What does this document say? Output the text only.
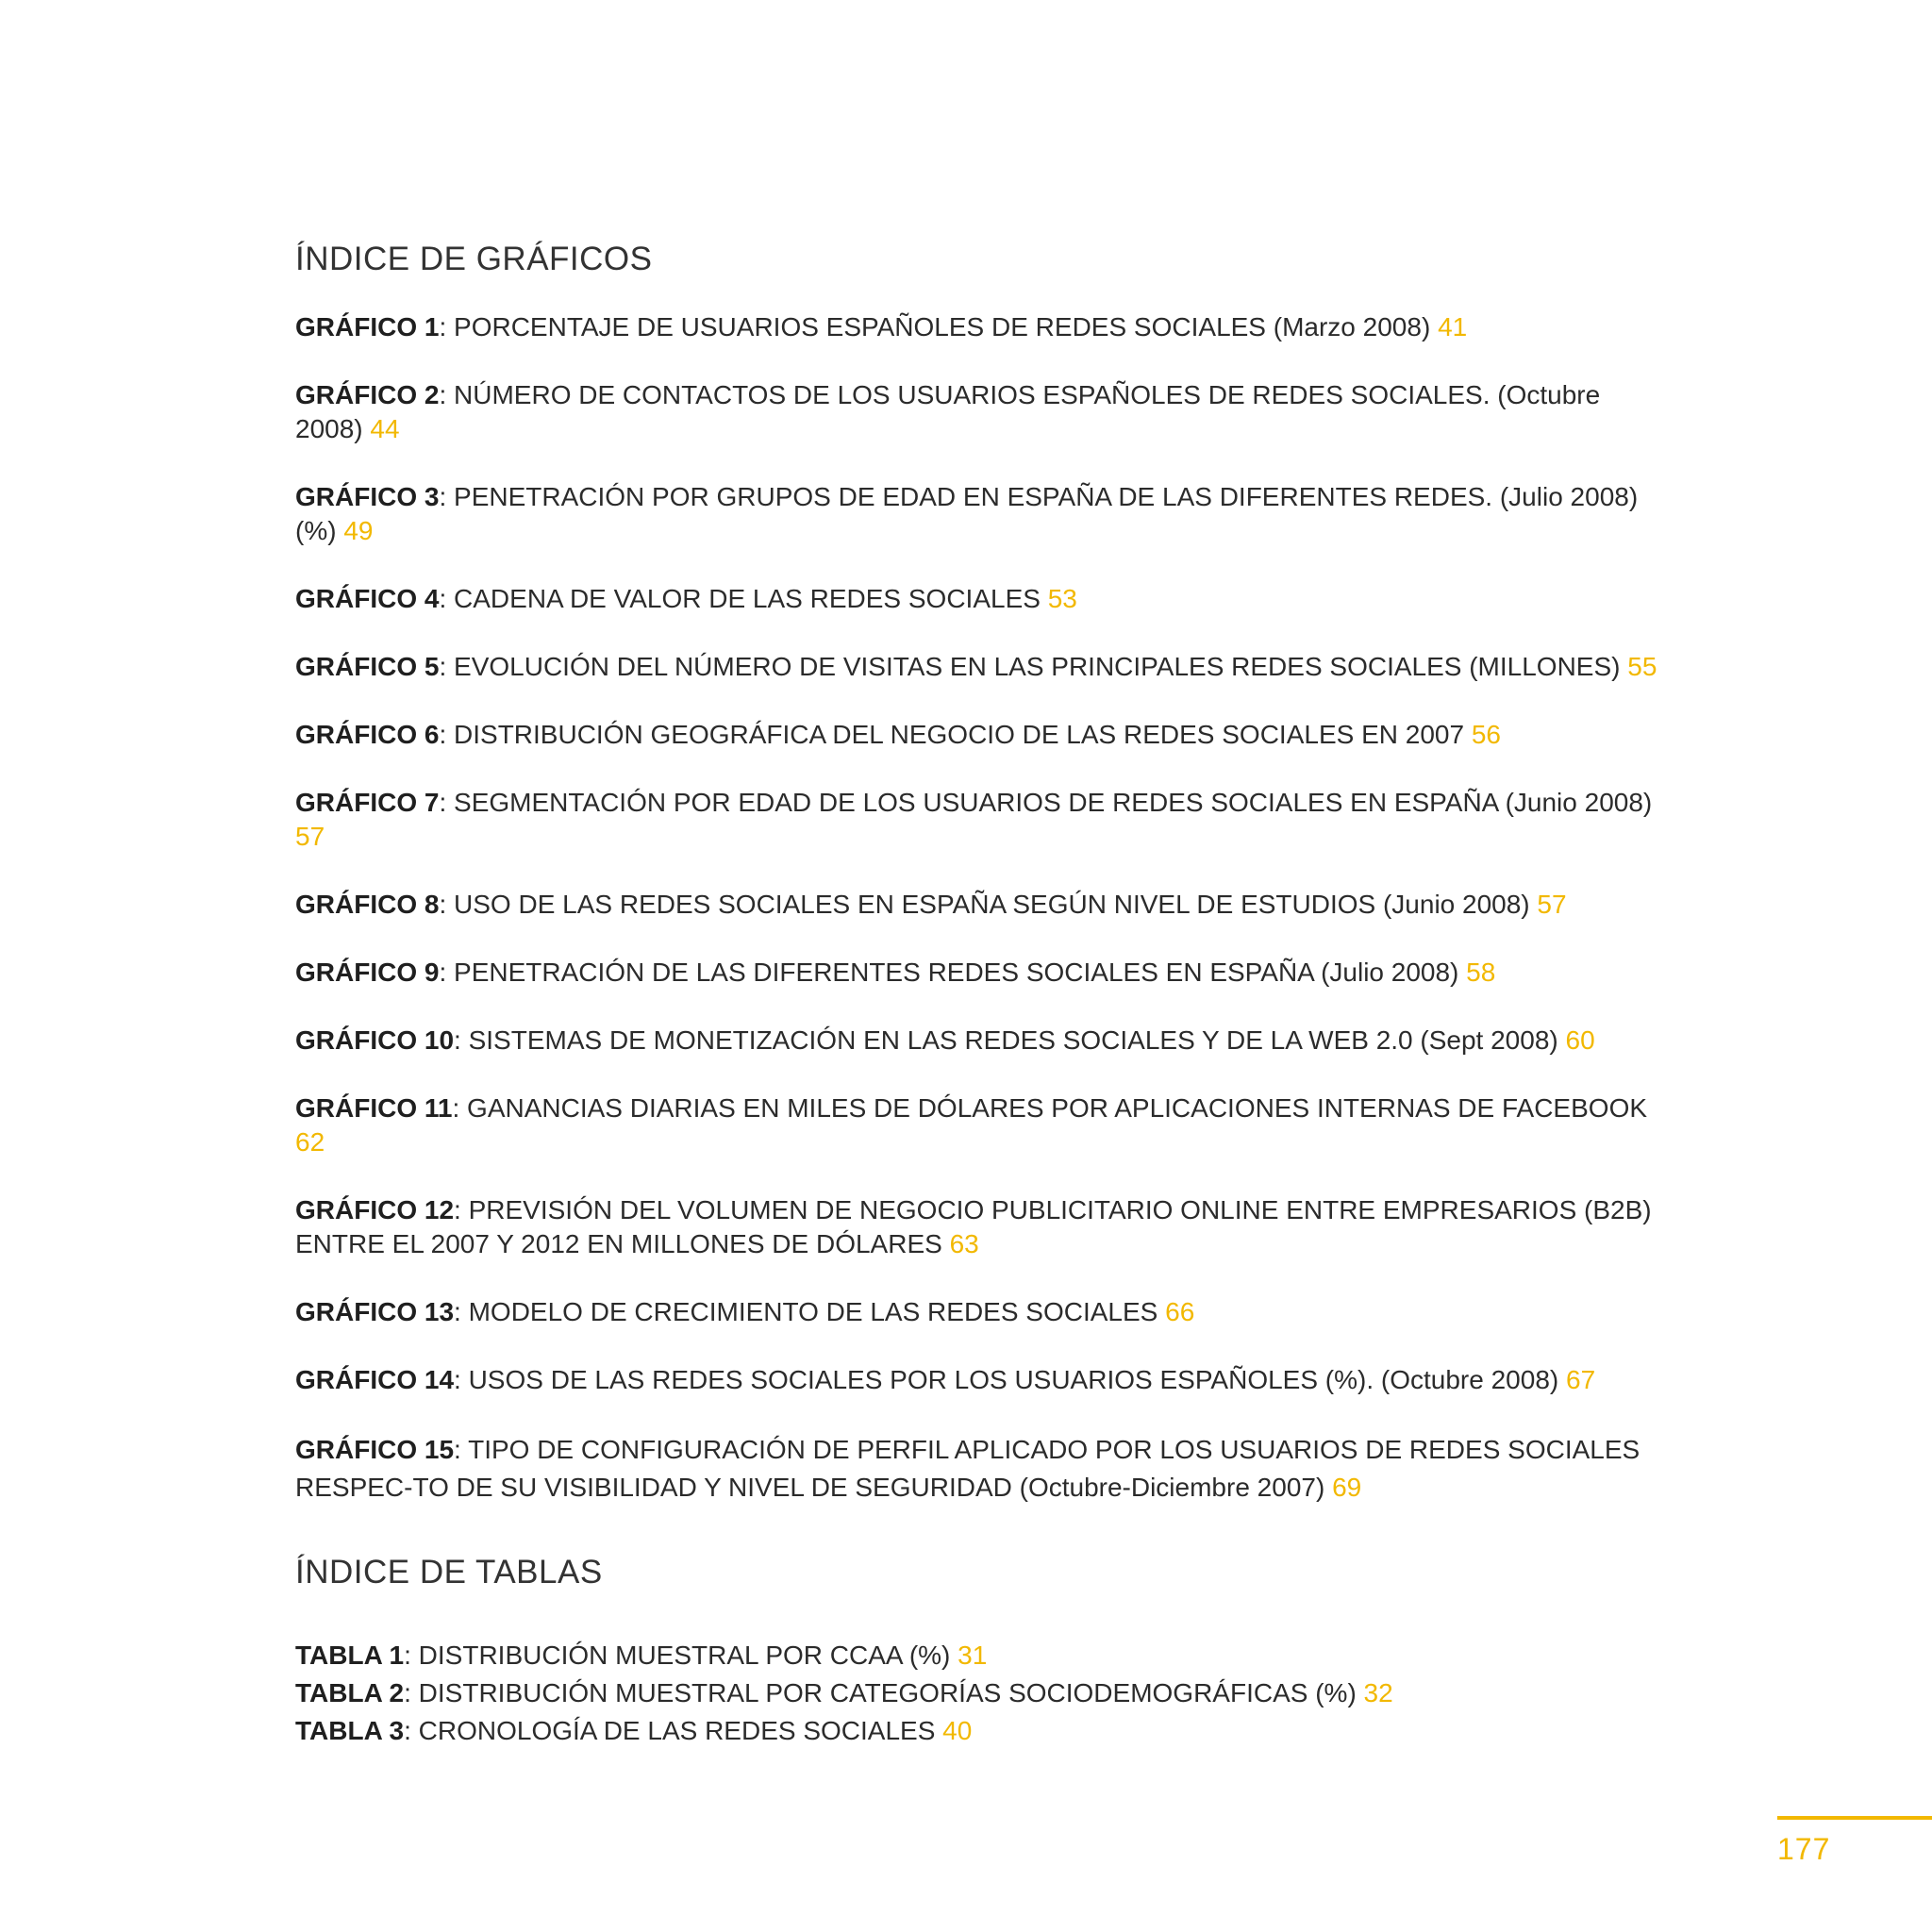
ÍNDICE DE GRÁFICOS
GRÁFICO 1: PORCENTAJE DE USUARIOS ESPAÑOLES DE REDES SOCIALES (Marzo 2008) 41
GRÁFICO 2: NÚMERO DE CONTACTOS DE LOS USUARIOS ESPAÑOLES DE REDES SOCIALES. (Octubre 2008) 44
GRÁFICO 3: PENETRACIÓN POR GRUPOS DE EDAD EN ESPAÑA DE LAS DIFERENTES REDES. (Julio 2008) (%) 49
GRÁFICO 4: CADENA DE VALOR DE LAS REDES SOCIALES 53
GRÁFICO 5: EVOLUCIÓN DEL NÚMERO DE VISITAS EN LAS PRINCIPALES REDES SOCIALES (MILLONES) 55
GRÁFICO 6: DISTRIBUCIÓN GEOGRÁFICA DEL NEGOCIO DE LAS REDES SOCIALES EN 2007 56
GRÁFICO 7: SEGMENTACIÓN POR EDAD DE LOS USUARIOS DE REDES SOCIALES EN ESPAÑA (Junio 2008) 57
GRÁFICO 8: USO DE LAS REDES SOCIALES EN ESPAÑA SEGÚN NIVEL DE ESTUDIOS (Junio 2008) 57
GRÁFICO 9: PENETRACIÓN DE LAS DIFERENTES REDES SOCIALES EN ESPAÑA (Julio 2008) 58
GRÁFICO 10: SISTEMAS DE MONETIZACIÓN EN LAS REDES SOCIALES Y DE LA WEB 2.0 (Sept 2008) 60
GRÁFICO 11: GANANCIAS DIARIAS EN MILES DE DÓLARES POR APLICACIONES INTERNAS DE FACEBOOK 62
GRÁFICO 12: PREVISIÓN DEL VOLUMEN DE NEGOCIO PUBLICITARIO ONLINE ENTRE EMPRESARIOS (B2B) ENTRE EL 2007 Y 2012 EN MILLONES DE DÓLARES 63
GRÁFICO 13: MODELO DE CRECIMIENTO DE LAS REDES SOCIALES 66
GRÁFICO 14: USOS DE LAS REDES SOCIALES POR LOS USUARIOS ESPAÑOLES (%). (Octubre 2008) 67
GRÁFICO 15: TIPO DE CONFIGURACIÓN DE PERFIL APLICADO POR LOS USUARIOS DE REDES SOCIALES RESPEC-TO DE SU VISIBILIDAD Y NIVEL DE SEGURIDAD (Octubre-Diciembre 2007) 69
ÍNDICE DE TABLAS
TABLA 1: DISTRIBUCIÓN MUESTRAL POR CCAA (%) 31
TABLA 2: DISTRIBUCIÓN MUESTRAL POR CATEGORÍAS SOCIODEMOGRÁFICAS (%) 32
TABLA 3: CRONOLOGÍA DE LAS REDES SOCIALES 40
177
